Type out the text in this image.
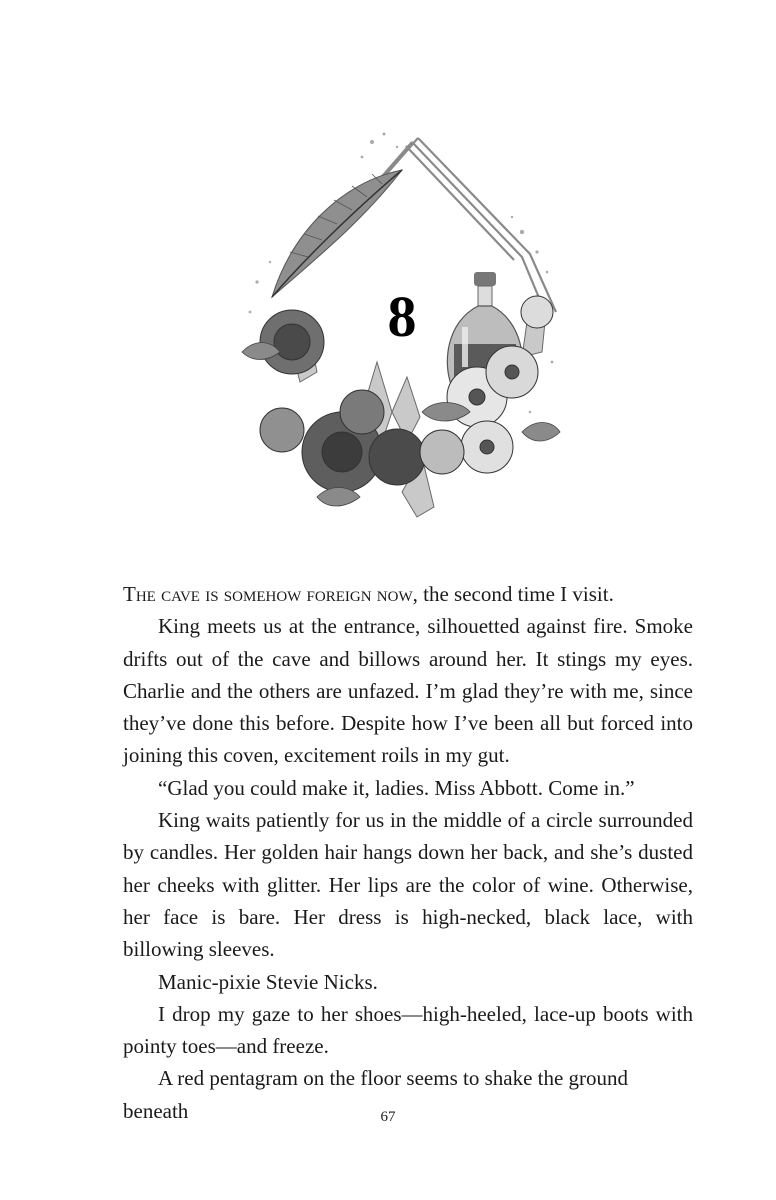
8

The cave is somehow foreign now, the second time I visit.

King meets us at the entrance, silhouetted against fire. Smoke drifts out of the cave and billows around her. It stings my eyes. Charlie and the others are unfazed. I’m glad they’re with me, since they’ve done this before. Despite how I’ve been all but forced into joining this coven, excitement roils in my gut.

“Glad you could make it, ladies. Miss Abbott. Come in.”

King waits patiently for us in the middle of a circle surrounded by candles. Her golden hair hangs down her back, and she’s dusted her cheeks with glitter. Her lips are the color of wine. Otherwise, her face is bare. Her dress is high-necked, black lace, with billowing sleeves.

Manic-pixie Stevie Nicks.

I drop my gaze to her shoes—high-heeled, lace-up boots with pointy toes—and freeze.

A red pentagram on the floor seems to shake the ground beneath	67
